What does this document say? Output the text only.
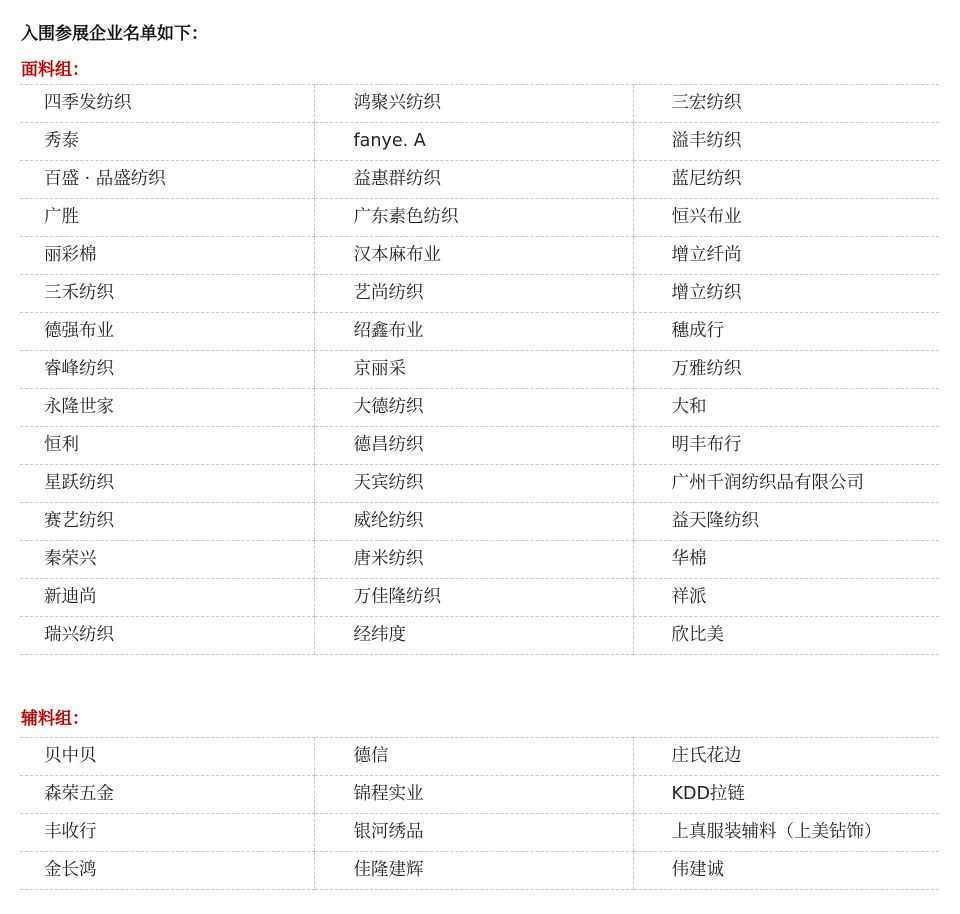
入围参展企业名单如下：
面料组：
四季发纺织	鸿聚兴纺织	三宏纺织
秀泰	fanye. A	溢丰纺织
百盛 · 品盛纺织	益惠群纺织	蓝尼纺织
广胜	广东素色纺织	恒兴布业
丽彩棉	汉本麻布业	增立纤尚
三禾纺织	艺尚纺织	增立纺织
德强布业	绍鑫布业	穗成行
睿峰纺织	京丽采	万雅纺织
永隆世家	大德纺织	大和
恒利	德昌纺织	明丰布行
星跃纺织	天宾纺织	广州千润纺织品有限公司
赛艺纺织	威纶纺织	益天隆纺织
秦荣兴	唐米纺织	华棉
新迪尚	万佳隆纺织	祥派
瑞兴纺织	经纬度	欣比美
辅料组：
贝中贝	德信	庄氏花边
森荣五金	锦程实业	KDD拉链
丰收行	银河绣品	上真服装辅料（上美钻饰）
金长鸿	佳隆建辉	伟建诚
